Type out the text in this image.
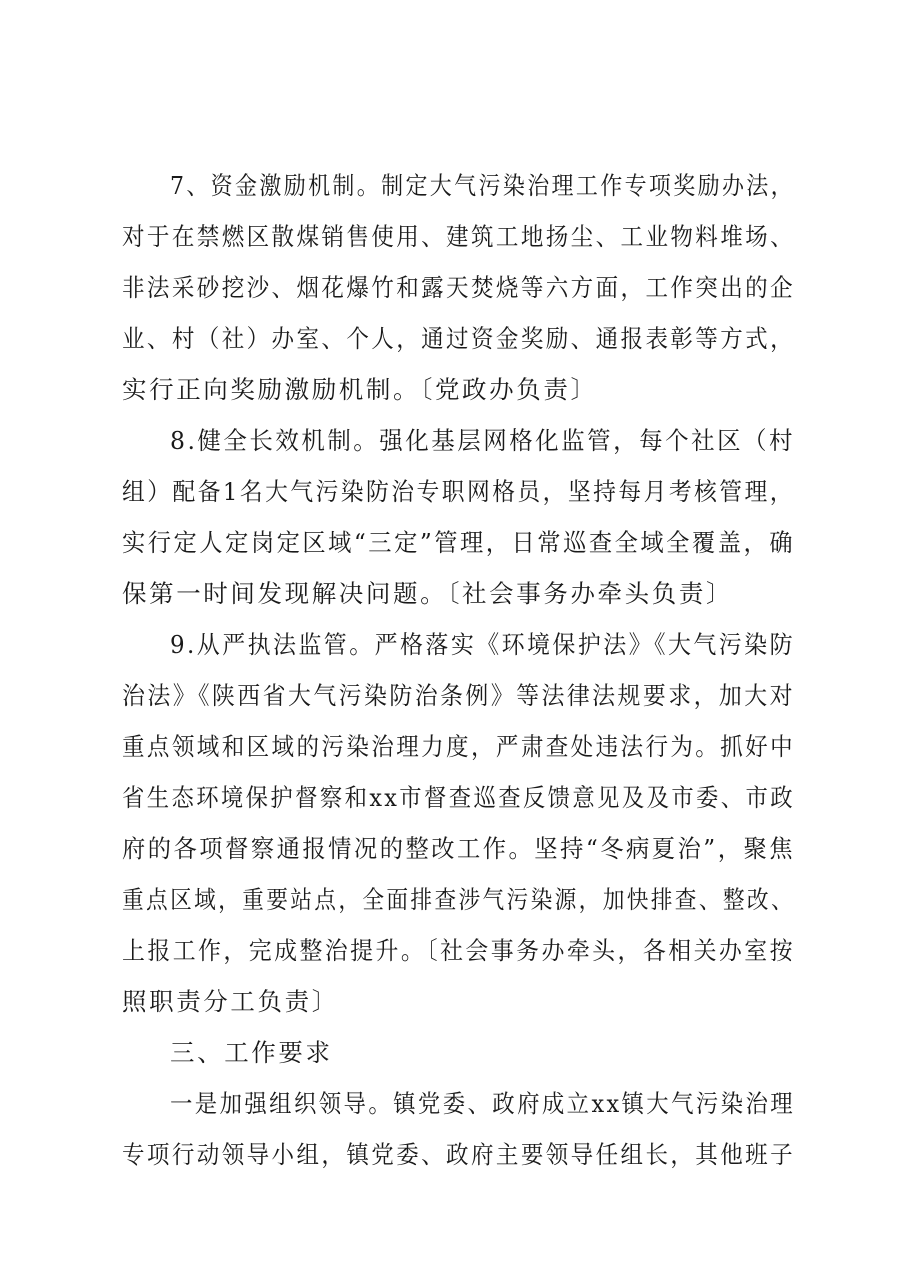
7、资金激励机制。制定大气污染治理工作专项奖励办法，
对于在禁燃区散煤销售使用、建筑工地扬尘、工业物料堆场、
非法采砂挖沙、烟花爆竹和露天焚烧等六方面，工作突出的企
业、村（社）办室、个人，通过资金奖励、通报表彰等方式，
实行正向奖励激励机制。〔党政办负责〕
8.健全长效机制。强化基层网格化监管，每个社区（村
组）配备1名大气污染防治专职网格员，坚持每月考核管理，
实行定人定岗定区域“三定”管理，日常巡查全域全覆盖，确
保第一时间发现解决问题。〔社会事务办牵头负责〕
9.从严执法监管。严格落实《环境保护法》《大气污染防
治法》《陕西省大气污染防治条例》等法律法规要求，加大对
重点领域和区域的污染治理力度，严肃查处违法行为。抓好中
省生态环境保护督察和xx市督查巡查反馈意见及及市委、市政
府的各项督察通报情况的整改工作。坚持“冬病夏治”，聚焦
重点区域，重要站点，全面排查涉气污染源，加快排查、整改、
上报工作，完成整治提升。〔社会事务办牵头，各相关办室按
照职责分工负责〕
三、工作要求
一是加强组织领导。镇党委、政府成立xx镇大气污染治理
专项行动领导小组，镇党委、政府主要领导任组长，其他班子
